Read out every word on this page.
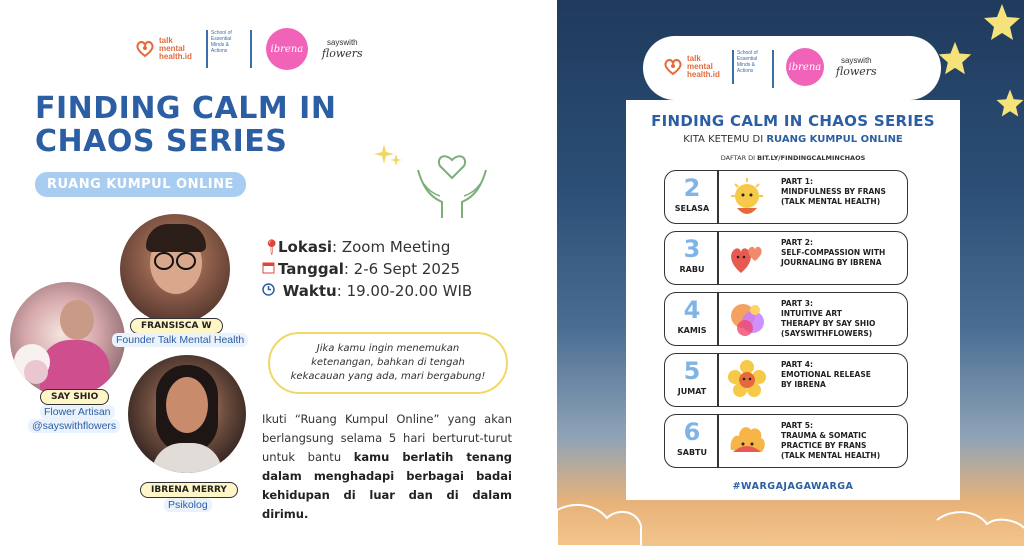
talk
mental
health.id
School of
Essential
Minds &
Actions	ibrena
sayswith
flowers
FINDING CALM IN
CHAOS SERIES
RUANG KUMPUL ONLINE
FRANSISCA W
Founder Talk Mental Health
SAY SHIO
Flower Artisan
@sayswithflowers
IBRENA MERRY
Psikolog
📍︎Lokasi: Zoom Meeting
Tanggal: 2-6 Sept 2025
Waktu: 19.00-20.00 WIB
Jika kamu ingin menemukan ketenangan, bahkan di tengah kekacauan yang ada, mari bergabung!
Ikuti “Ruang Kumpul Online” yang akan berlangsung selama 5 hari berturut-turut untuk bantu kamu berlatih tenang dalam menghadapi berbagai badai kehidupan di luar dan di dalam dirimu.
talk
mental
health.id
School of
Essential
Minds &
Actions	ibrena
sayswith
flowers
FINDING CALM IN CHAOS SERIES
KITA KETEMU DI RUANG KUMPUL ONLINE
DAFTAR DI BIT.LY/FINDINGCALMINCHAOS
2
SELASA
PART 1:
MINDFULNESS BY FRANS
(TALK MENTAL HEALTH)
3
RABU
PART 2:
SELF-COMPASSION WITH
JOURNALING BY IBRENA
4
KAMIS
PART 3:
INTUITIVE ART
THERAPY BY SAY SHIO
(SAYSWITHFLOWERS)
5
JUMAT
PART 4:
EMOTIONAL RELEASE
BY IBRENA
6
SABTU
PART 5:
TRAUMA & SOMATIC
PRACTICE BY FRANS
(TALK MENTAL HEALTH)
#WARGAJAGAWARGA
